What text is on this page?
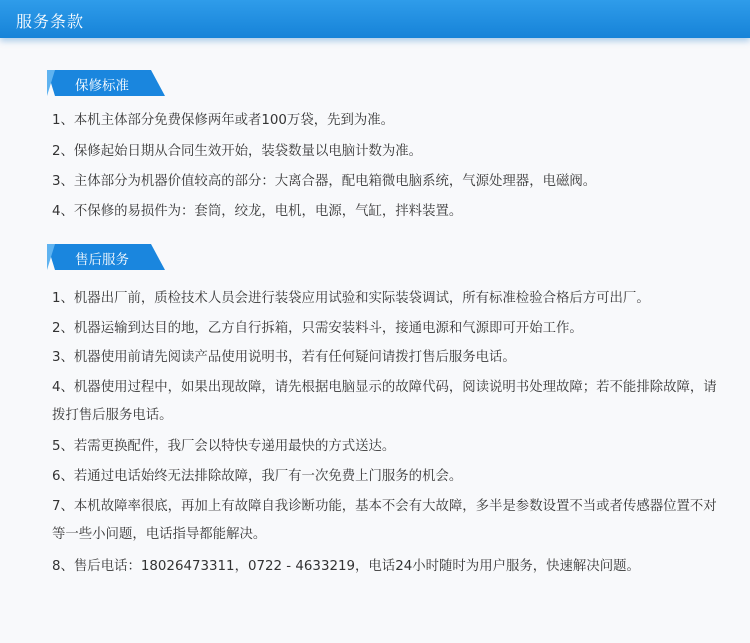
服务条款
保修标准
1、本机主体部分免费保修两年或者100万袋，先到为准。
2、保修起始日期从合同生效开始，装袋数量以电脑计数为准。
3、主体部分为机器价值较高的部分：大离合器，配电箱微电脑系统，气源处理器，电磁阀。
4、不保修的易损件为：套筒，绞龙，电机，电源，气缸，拌料装置。
售后服务
1、机器出厂前，质检技术人员会进行装袋应用试验和实际装袋调试，所有标准检验合格后方可出厂。
2、机器运输到达目的地，乙方自行拆箱，只需安装料斗，接通电源和气源即可开始工作。
3、机器使用前请先阅读产品使用说明书，若有任何疑问请拨打售后服务电话。
4、机器使用过程中，如果出现故障，请先根据电脑显示的故障代码，阅读说明书处理故障；若不能排除故障，请拨打售后服务电话。
5、若需更换配件，我厂会以特快专递用最快的方式送达。
6、若通过电话始终无法排除故障，我厂有一次免费上门服务的机会。
7、本机故障率很底，再加上有故障自我诊断功能，基本不会有大故障，多半是参数设置不当或者传感器位置不对等一些小问题，电话指导都能解决。
8、售后电话：18026473311，0722 - 4633219，电话24小时随时为用户服务，快速解决问题。
